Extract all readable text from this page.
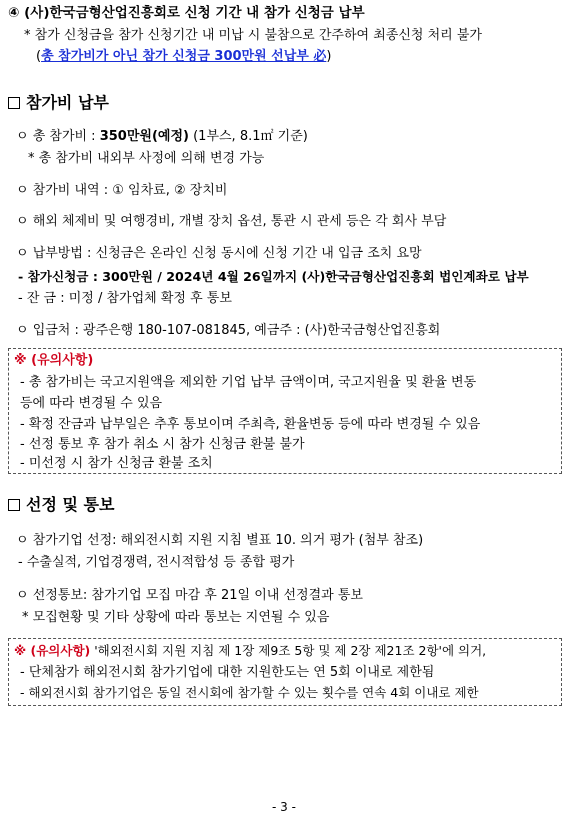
④ (사)한국금형산업진흥회로 신청 기간 내 참가 신청금 납부
* 참가 신청금을 참가 신청기간 내 미납 시 불참으로 간주하여 최종신청 처리 불가
(총 참가비가 아닌 참가 신청금 300만원 선납부 必)
참가비 납부
ㅇ 총 참가비 : 350만원(예정) (1부스, 8.1㎡ 기준)
* 총 참가비 내외부 사정에 의해 변경 가능
ㅇ 참가비 내역 : ① 임차료, ② 장치비
ㅇ 해외 체제비 및 여행경비, 개별 장치 옵션, 통관 시 관세 등은 각 회사 부담
ㅇ 납부방법 : 신청금은 온라인 신청 동시에 신청 기간 내 입금 조치 요망
- 참가신청금 : 300만원 / 2024년 4월 26일까지 (사)한국금형산업진흥회 법인계좌로 납부
- 잔 금 : 미정 / 참가업체 확정 후 통보
ㅇ 입금처 : 광주은행 180-107-081845, 예금주 : (사)한국금형산업진흥회
※ (유의사항)
- 총 참가비는 국고지원액을 제외한 기업 납부 금액이며, 국고지원율 및 환율 변동
등에 따라 변경될 수 있음
- 확정 잔금과 납부일은 추후 통보이며 주최측, 환율변동 등에 따라 변경될 수 있음
- 선정 통보 후 참가 취소 시 참가 신청금 환불 불가
- 미선정 시 참가 신청금 환불 조치
선정 및 통보
ㅇ 참가기업 선정: 해외전시회 지원 지침 별표 10. 의거 평가 (첨부 참조)
- 수출실적, 기업경쟁력, 전시적합성 등 종합 평가
ㅇ 선정통보: 참가기업 모집 마감 후 21일 이내 선정결과 통보
* 모집현황 및 기타 상황에 따라 통보는 지연될 수 있음
※ (유의사항) '해외전시회 지원 지침 제 1장 제9조 5항 및 제 2장 제21조 2항'에 의거,
- 단체참가 해외전시회 참가기업에 대한 지원한도는 연 5회 이내로 제한됨
- 해외전시회 참가기업은 동일 전시회에 참가할 수 있는 횟수를 연속 4회 이내로 제한
- 3 -
